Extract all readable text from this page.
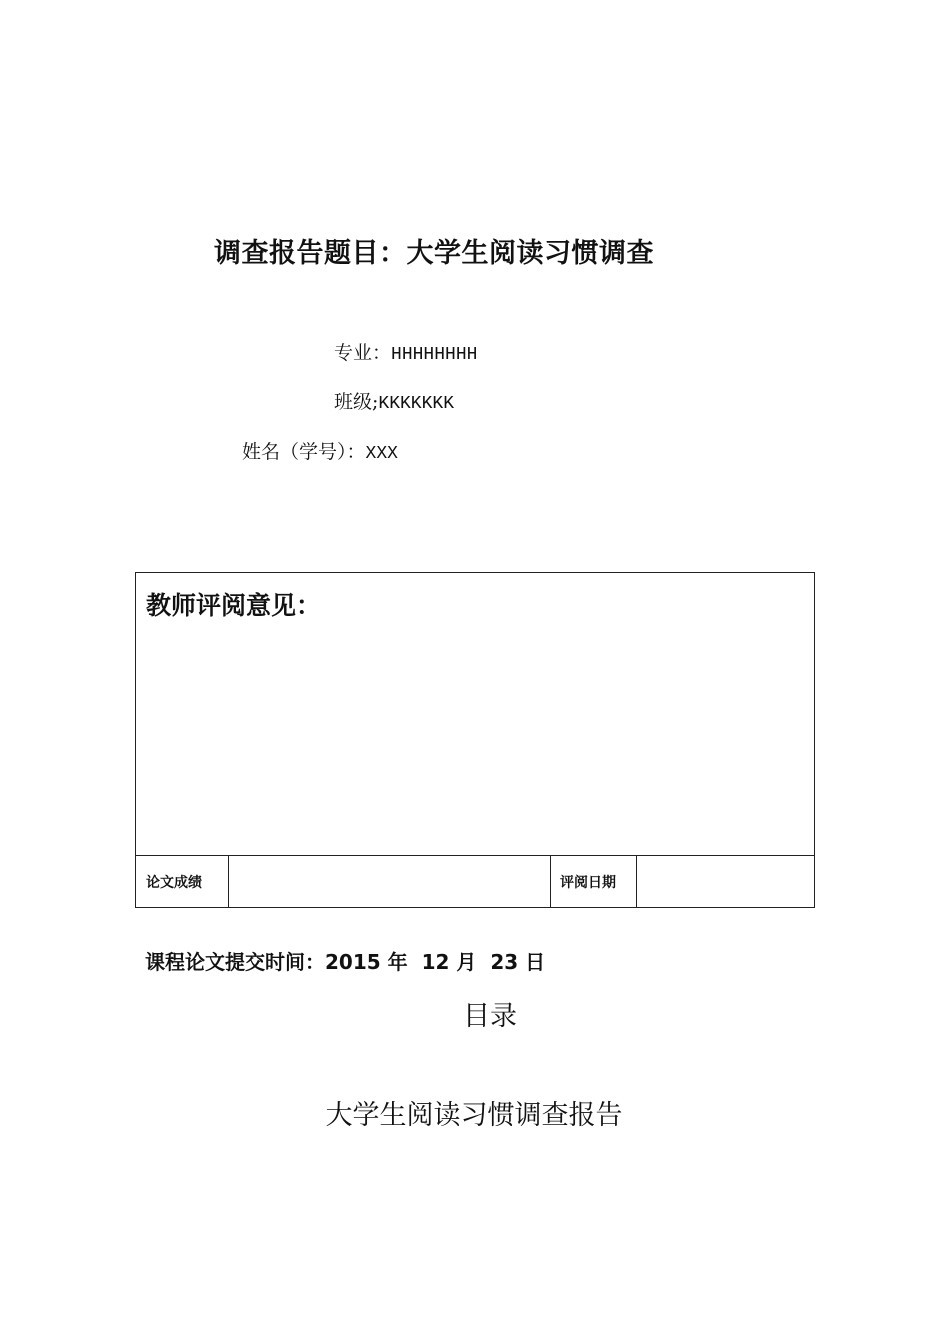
调查报告题目：大学生阅读习惯调查
专业：HHHHHHHH
班级;KKKKKKK
姓名（学号）：XXX
教师评阅意见：
论文成绩	评阅日期
课程论文提交时间：2015 年 12 月 23 日
目录
大学生阅读习惯调查报告
